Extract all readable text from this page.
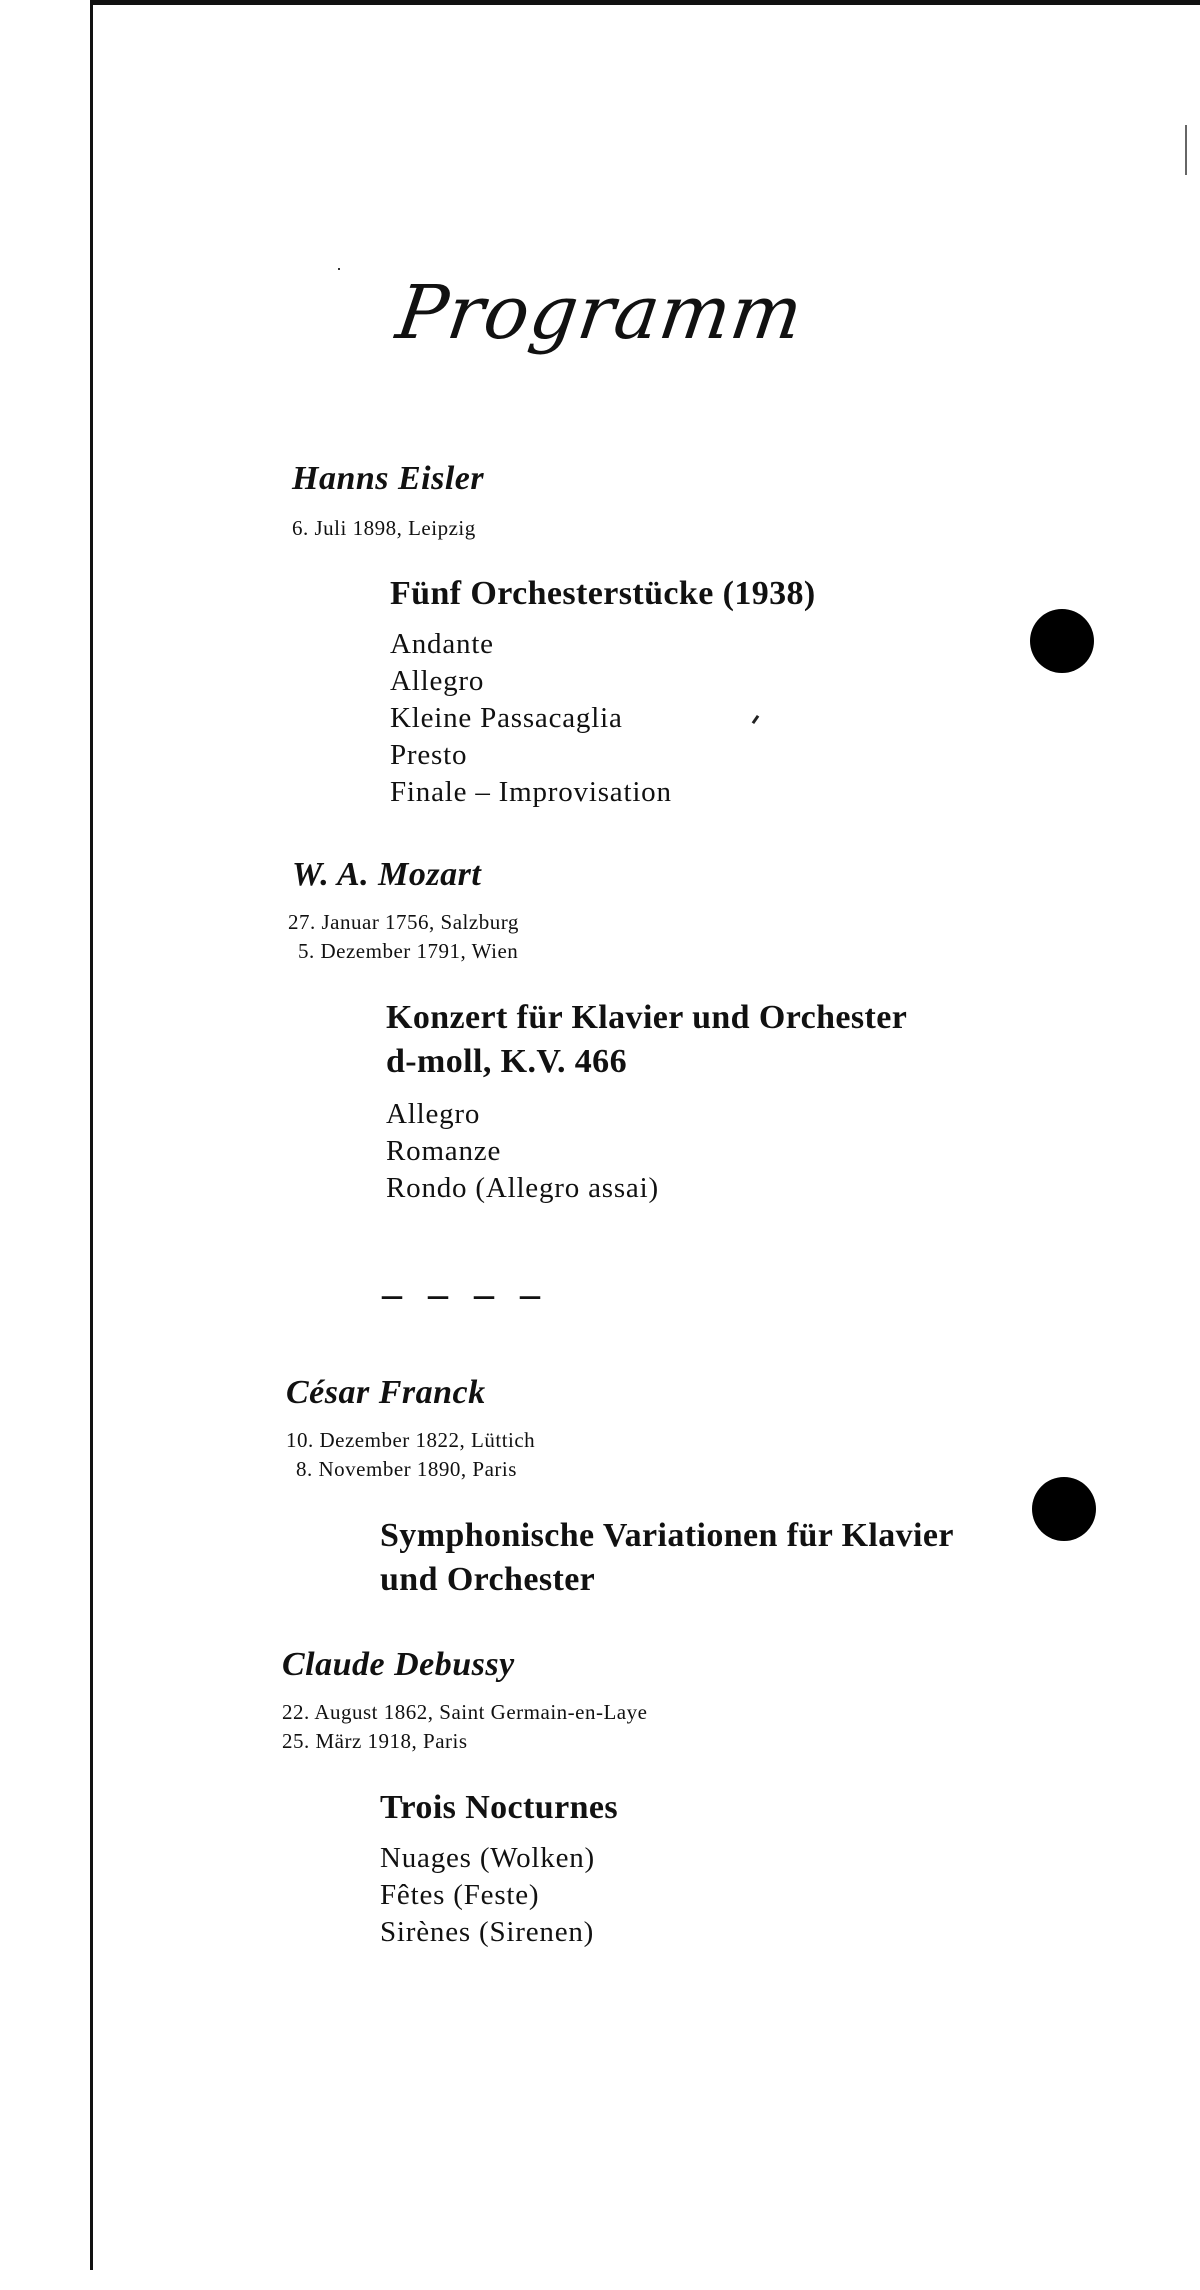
Programm
Hanns Eisler
6. Juli 1898, Leipzig
Fünf Orchesterstücke (1938)
Andante
Allegro
Kleine Passacaglia
Presto
Finale – Improvisation
W. A. Mozart
27. Januar 1756, Salzburg
5. Dezember 1791, Wien
Konzert für Klavier und Orchester
d-moll, K.V. 466
Allegro
Romanze
Rondo (Allegro assai)
– – – –
César Franck
10. Dezember 1822, Lüttich
8. November 1890, Paris
Symphonische Variationen für Klavier
und Orchester
Claude Debussy
22. August 1862, Saint Germain-en-Laye
25. März 1918, Paris
Trois Nocturnes
Nuages (Wolken)
Fêtes (Feste)
Sirènes (Sirenen)
